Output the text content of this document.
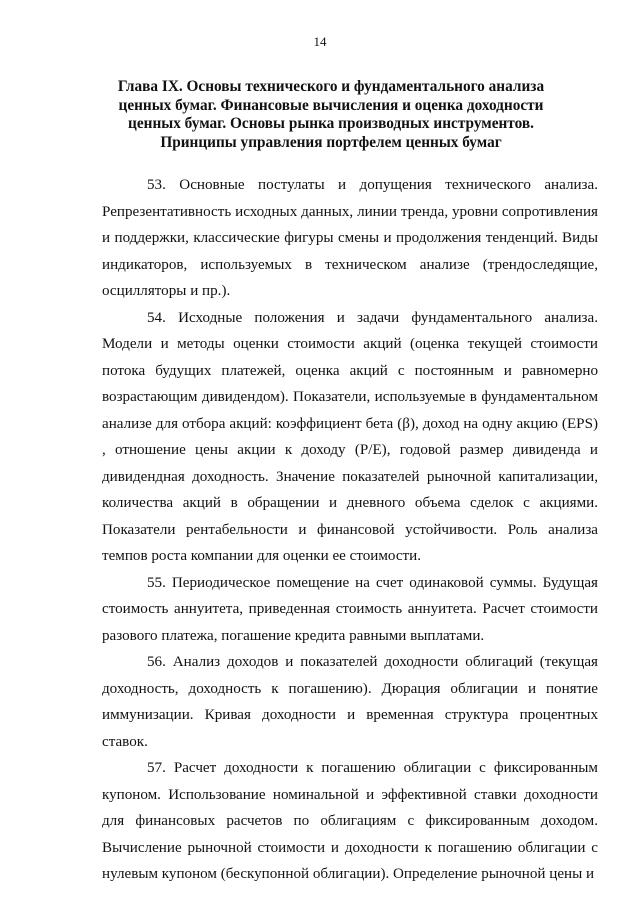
14
Глава IX. Основы технического и фундаментального анализа ценных бумаг. Финансовые вычисления и оценка доходности ценных бумаг. Основы рынка производных инструментов. Принципы управления портфелем ценных бумаг

53. Основные постулаты и допущения технического анализа. Репрезентативность исходных данных, линии тренда, уровни сопротивления и поддержки, классические фигуры смены и продолжения тенденций. Виды индикаторов, используемых в техническом анализе (трендоследящие, осцилляторы и пр.).

54. Исходные положения и задачи фундаментального анализа. Модели и методы оценки стоимости акций (оценка текущей стоимости потока будущих платежей, оценка акций с постоянным и равномерно возрастающим дивидендом). Показатели, используемые в фундаментальном анализе для отбора акций: коэффициент бета (β), доход на одну акцию (EPS) , отношение цены акции к доходу (Р/Е), годовой размер дивиденда и дивидендная доходность. Значение показателей рыночной капитализации, количества акций в обращении и дневного объема сделок с акциями. Показатели рентабельности и финансовой устойчивости. Роль анализа темпов роста компании для оценки ее стоимости.

55. Периодическое помещение на счет одинаковой суммы. Будущая стоимость аннуитета, приведенная стоимость аннуитета. Расчет стоимости разового платежа, погашение кредита равными выплатами.

56. Анализ доходов и показателей доходности облигаций (текущая доходность, доходность к погашению). Дюрация облигации и понятие иммунизации. Кривая доходности и временная структура процентных ставок.

57. Расчет доходности к погашению облигации с фиксированным купоном. Использование номинальной и эффективной ставки доходности для финансовых расчетов по облигациям с фиксированным доходом. Вычисление рыночной стоимости и доходности к погашению облигации с нулевым купоном (бескупонной облигации). Определение рыночной цены и
